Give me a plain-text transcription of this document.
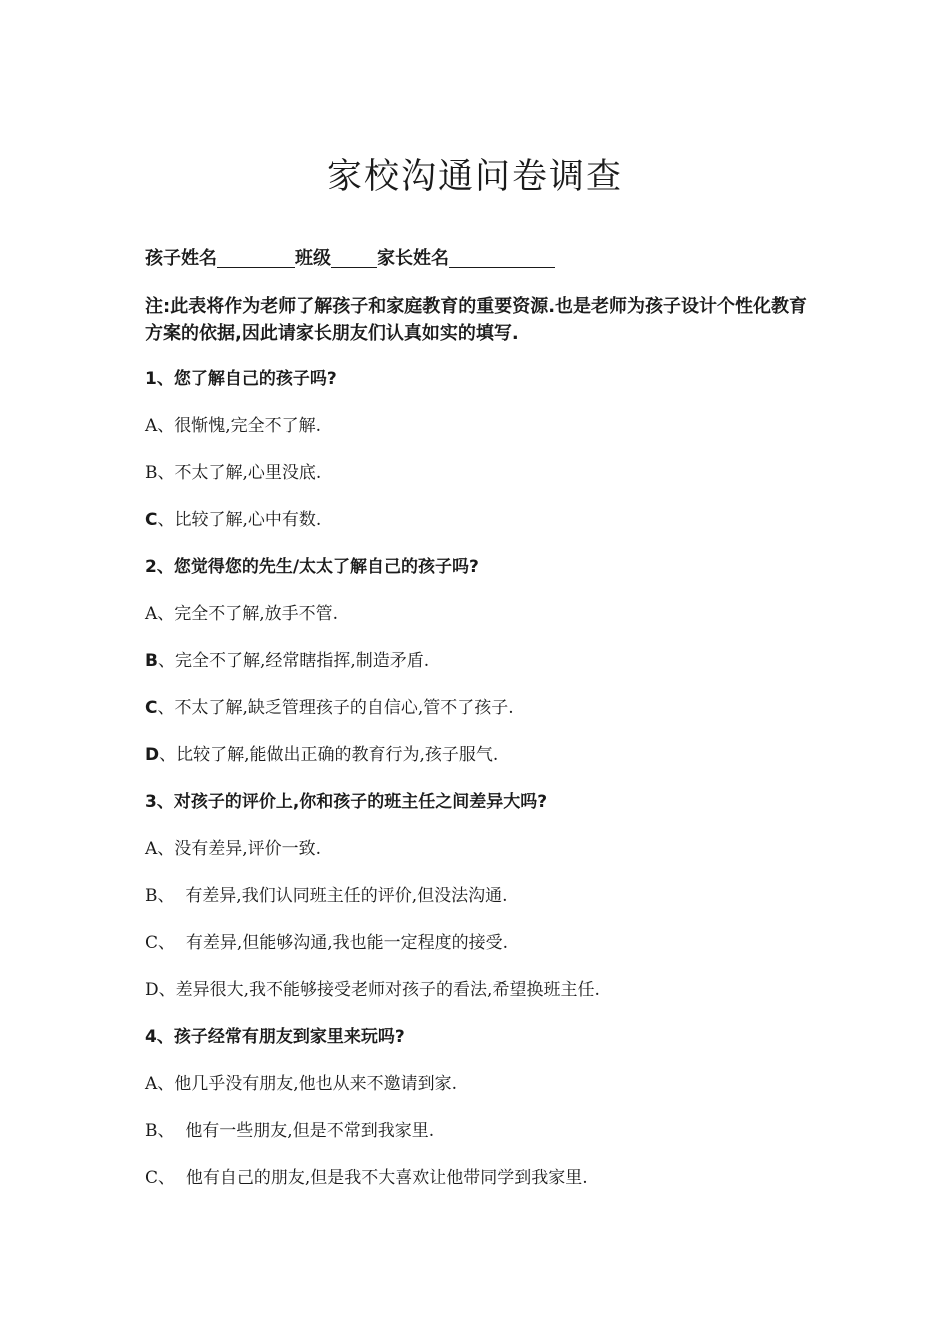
家校沟通问卷调查

孩子姓名	班级	家长姓名

注:此表将作为老师了解孩子和家庭教育的重要资源.也是老师为孩子设计个性化教育方案的依据,因此请家长朋友们认真如实的填写.

1、您了解自己的孩子吗?

A、很惭愧,完全不了解.

B、不太了解,心里没底.

C、比较了解,心中有数.

2、您觉得您的先生/太太了解自己的孩子吗?

A、完全不了解,放手不管.

B、完全不了解,经常瞎指挥,制造矛盾.

C、不太了解,缺乏管理孩子的自信心,管不了孩子.

D、比较了解,能做出正确的教育行为,孩子服气.

3、对孩子的评价上,你和孩子的班主任之间差异大吗?

A、没有差异,评价一致.

B、  有差异,我们认同班主任的评价,但没法沟通.

C、  有差异,但能够沟通,我也能一定程度的接受.

D、差异很大,我不能够接受老师对孩子的看法,希望换班主任.

4、孩子经常有朋友到家里来玩吗?

A、他几乎没有朋友,他也从来不邀请到家.

B、  他有一些朋友,但是不常到我家里.

C、  他有自己的朋友,但是我不大喜欢让他带同学到我家里.
